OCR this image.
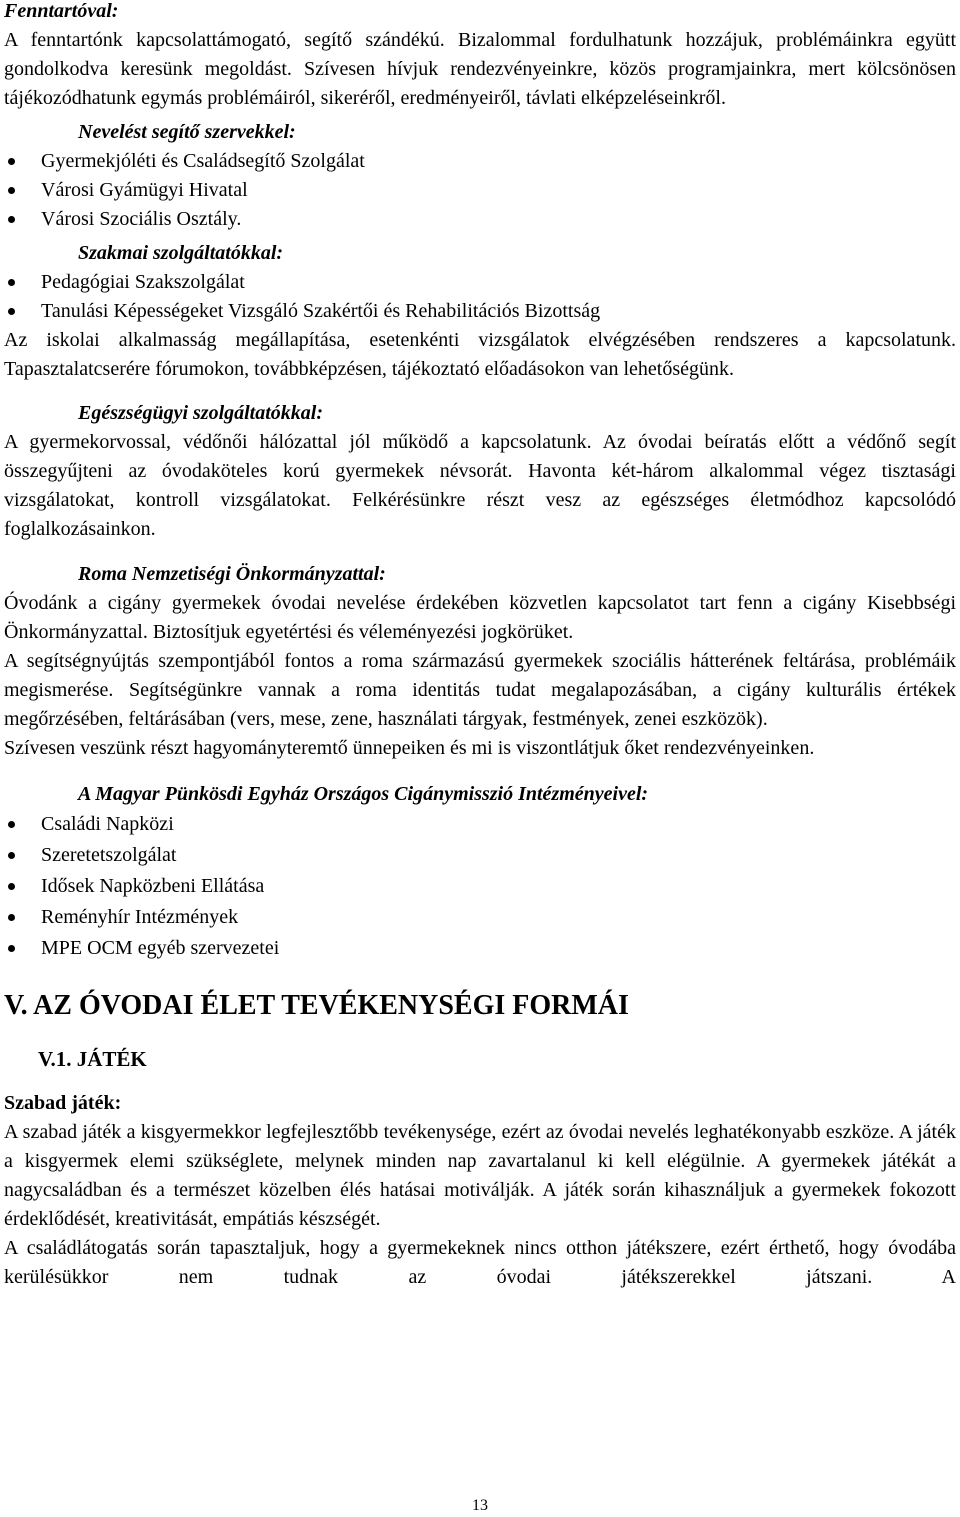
Fenntartóval:

A fenntartónk kapcsolattámogató, segítő szándékú. Bizalommal fordulhatunk hozzájuk, problémáinkra együtt gondolkodva keresünk megoldást. Szívesen hívjuk rendezvényeinkre, közös programjainkra, mert kölcsönösen tájékozódhatunk egymás problémáiról, sikeréről, eredményeiről, távlati elképzeléseinkről.

Nevelést segítő szervekkel:

Gyermekjóléti és Családsegítő Szolgálat
Városi Gyámügyi Hivatal
Városi Szociális Osztály.

Szakmai szolgáltatókkal:

Pedagógiai Szakszolgálat
Tanulási Képességeket Vizsgáló Szakértői és Rehabilitációs Bizottság

Az iskolai alkalmasság megállapítása, esetenkénti vizsgálatok elvégzésében rendszeres a kapcsolatunk. Tapasztalatcserére fórumokon, továbbképzésen, tájékoztató előadásokon van lehetőségünk.

Egészségügyi szolgáltatókkal:

A gyermekorvossal, védőnői hálózattal jól működő a kapcsolatunk. Az óvodai beíratás előtt a védőnő segít összegyűjteni az óvodaköteles korú gyermekek névsorát. Havonta két-három alkalommal végez tisztasági vizsgálatokat, kontroll vizsgálatokat. Felkérésünkre részt vesz az egészséges életmódhoz kapcsolódó foglalkozásainkon.

Roma Nemzetiségi Önkormányzattal:

Óvodánk a cigány gyermekek óvodai nevelése érdekében közvetlen kapcsolatot tart fenn a cigány Kisebbségi Önkormányzattal. Biztosítjuk egyetértési és véleményezési jogkörüket.

A segítségnyújtás szempontjából fontos a roma származású gyermekek szociális hátterének feltárása, problémáik megismerése. Segítségünkre vannak a roma identitás tudat megalapozásában, a cigány kulturális értékek megőrzésében, feltárásában (vers, mese, zene, használati tárgyak, festmények, zenei eszközök).

Szívesen veszünk részt hagyományteremtő ünnepeiken és mi is viszontlátjuk őket rendezvényeinken.

A Magyar Pünkösdi Egyház Országos Cigánymisszió Intézményeivel:

Családi Napközi
Szeretetszolgálat
Idősek Napközbeni Ellátása
Reményhír Intézmények
MPE OCM egyéb szervezetei

V. AZ ÓVODAI ÉLET TEVÉKENYSÉGI FORMÁI

V.1. JÁTÉK

Szabad játék:

A szabad játék a kisgyermekkor legfejlesztőbb tevékenysége, ezért az óvodai nevelés leghatékonyabb eszköze. A játék a kisgyermek elemi szükséglete, melynek minden nap zavartalanul ki kell elégülnie. A gyermekek játékát a nagycsaládban és a természet közelben élés hatásai motiválják. A játék során kihasználjuk a gyermekek fokozott érdeklődését, kreativitását, empátiás készségét.

A családlátogatás során tapasztaljuk, hogy a gyermekeknek nincs otthon játékszere, ezért érthető, hogy óvodába kerülésükkor nem tudnak az óvodai játékszerekkel játszani. A

13
